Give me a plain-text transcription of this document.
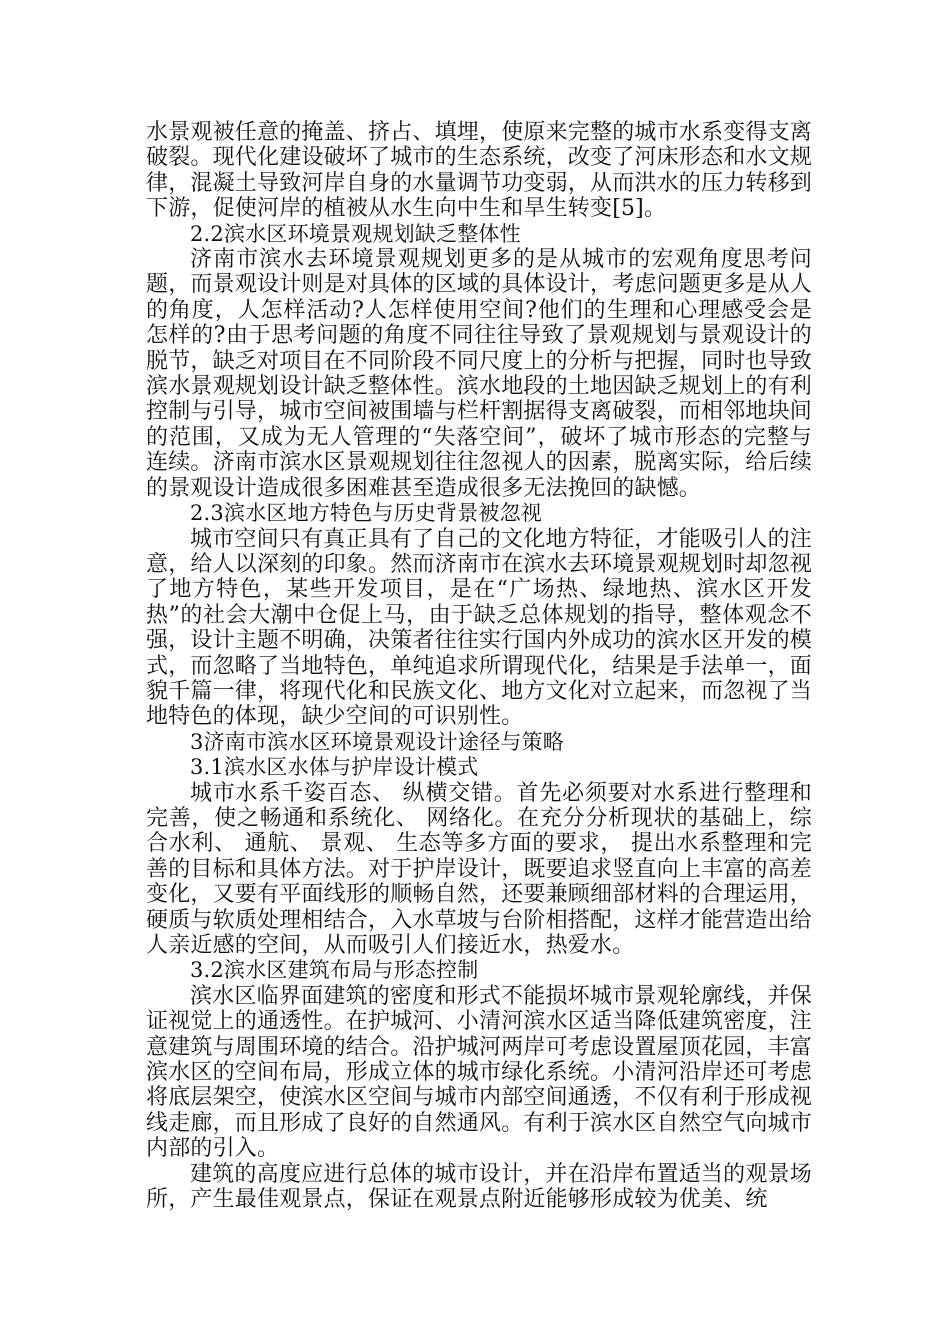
水景观被任意的掩盖、挤占、填埋，使原来完整的城市水系变得支离破裂。现代化建设破坏了城市的生态系统，改变了河床形态和水文规律，混凝土导致河岸自身的水量调节功变弱，从而洪水的压力转移到下游，促使河岸的植被从水生向中生和旱生转变[5]。

2.2滨水区环境景观规划缺乏整体性

济南市滨水去环境景观规划更多的是从城市的宏观角度思考问题，而景观设计则是对具体的区域的具体设计，考虑问题更多是从人的角度，人怎样活动?人怎样使用空间?他们的生理和心理感受会是怎样的?由于思考问题的角度不同往往导致了景观规划与景观设计的脱节，缺乏对项目在不同阶段不同尺度上的分析与把握，同时也导致滨水景观规划设计缺乏整体性。滨水地段的土地因缺乏规划上的有利控制与引导，城市空间被围墙与栏杆割据得支离破裂，而相邻地块间的范围，又成为无人管理的“失落空间”，破坏了城市形态的完整与连续。济南市滨水区景观规划往往忽视人的因素，脱离实际，给后续的景观设计造成很多困难甚至造成很多无法挽回的缺憾。

2.3滨水区地方特色与历史背景被忽视

城市空间只有真正具有了自己的文化地方特征，才能吸引人的注意，给人以深刻的印象。然而济南市在滨水去环境景观规划时却忽视了地方特色，某些开发项目，是在“广场热、绿地热、滨水区开发热”的社会大潮中仓促上马，由于缺乏总体规划的指导，整体观念不强，设计主题不明确，决策者往往实行国内外成功的滨水区开发的模式，而忽略了当地特色，单纯追求所谓现代化，结果是手法单一，面貌千篇一律，将现代化和民族文化、地方文化对立起来，而忽视了当地特色的体现，缺少空间的可识别性。

3济南市滨水区环境景观设计途径与策略

3.1滨水区水体与护岸设计模式

城市水系千姿百态、 纵横交错。首先必须要对水系进行整理和完善，使之畅通和系统化、 网络化。在充分分析现状的基础上，综合水利、 通航、 景观、 生态等多方面的要求， 提出水系整理和完善的目标和具体方法。对于护岸设计，既要追求竖直向上丰富的高差变化，又要有平面线形的顺畅自然，还要兼顾细部材料的合理运用，硬质与软质处理相结合，入水草坡与台阶相搭配，这样才能营造出给人亲近感的空间，从而吸引人们接近水，热爱水。

3.2滨水区建筑布局与形态控制

滨水区临界面建筑的密度和形式不能损坏城市景观轮廓线，并保证视觉上的通透性。在护城河、小清河滨水区适当降低建筑密度，注意建筑与周围环境的结合。沿护城河两岸可考虑设置屋顶花园，丰富滨水区的空间布局，形成立体的城市绿化系统。小清河沿岸还可考虑将底层架空，使滨水区空间与城市内部空间通透，不仅有利于形成视线走廊，而且形成了良好的自然通风。有利于滨水区自然空气向城市内部的引入。

建筑的高度应进行总体的城市设计，并在沿岸布置适当的观景场所，产生最佳观景点，保证在观景点附近能够形成较为优美、统
